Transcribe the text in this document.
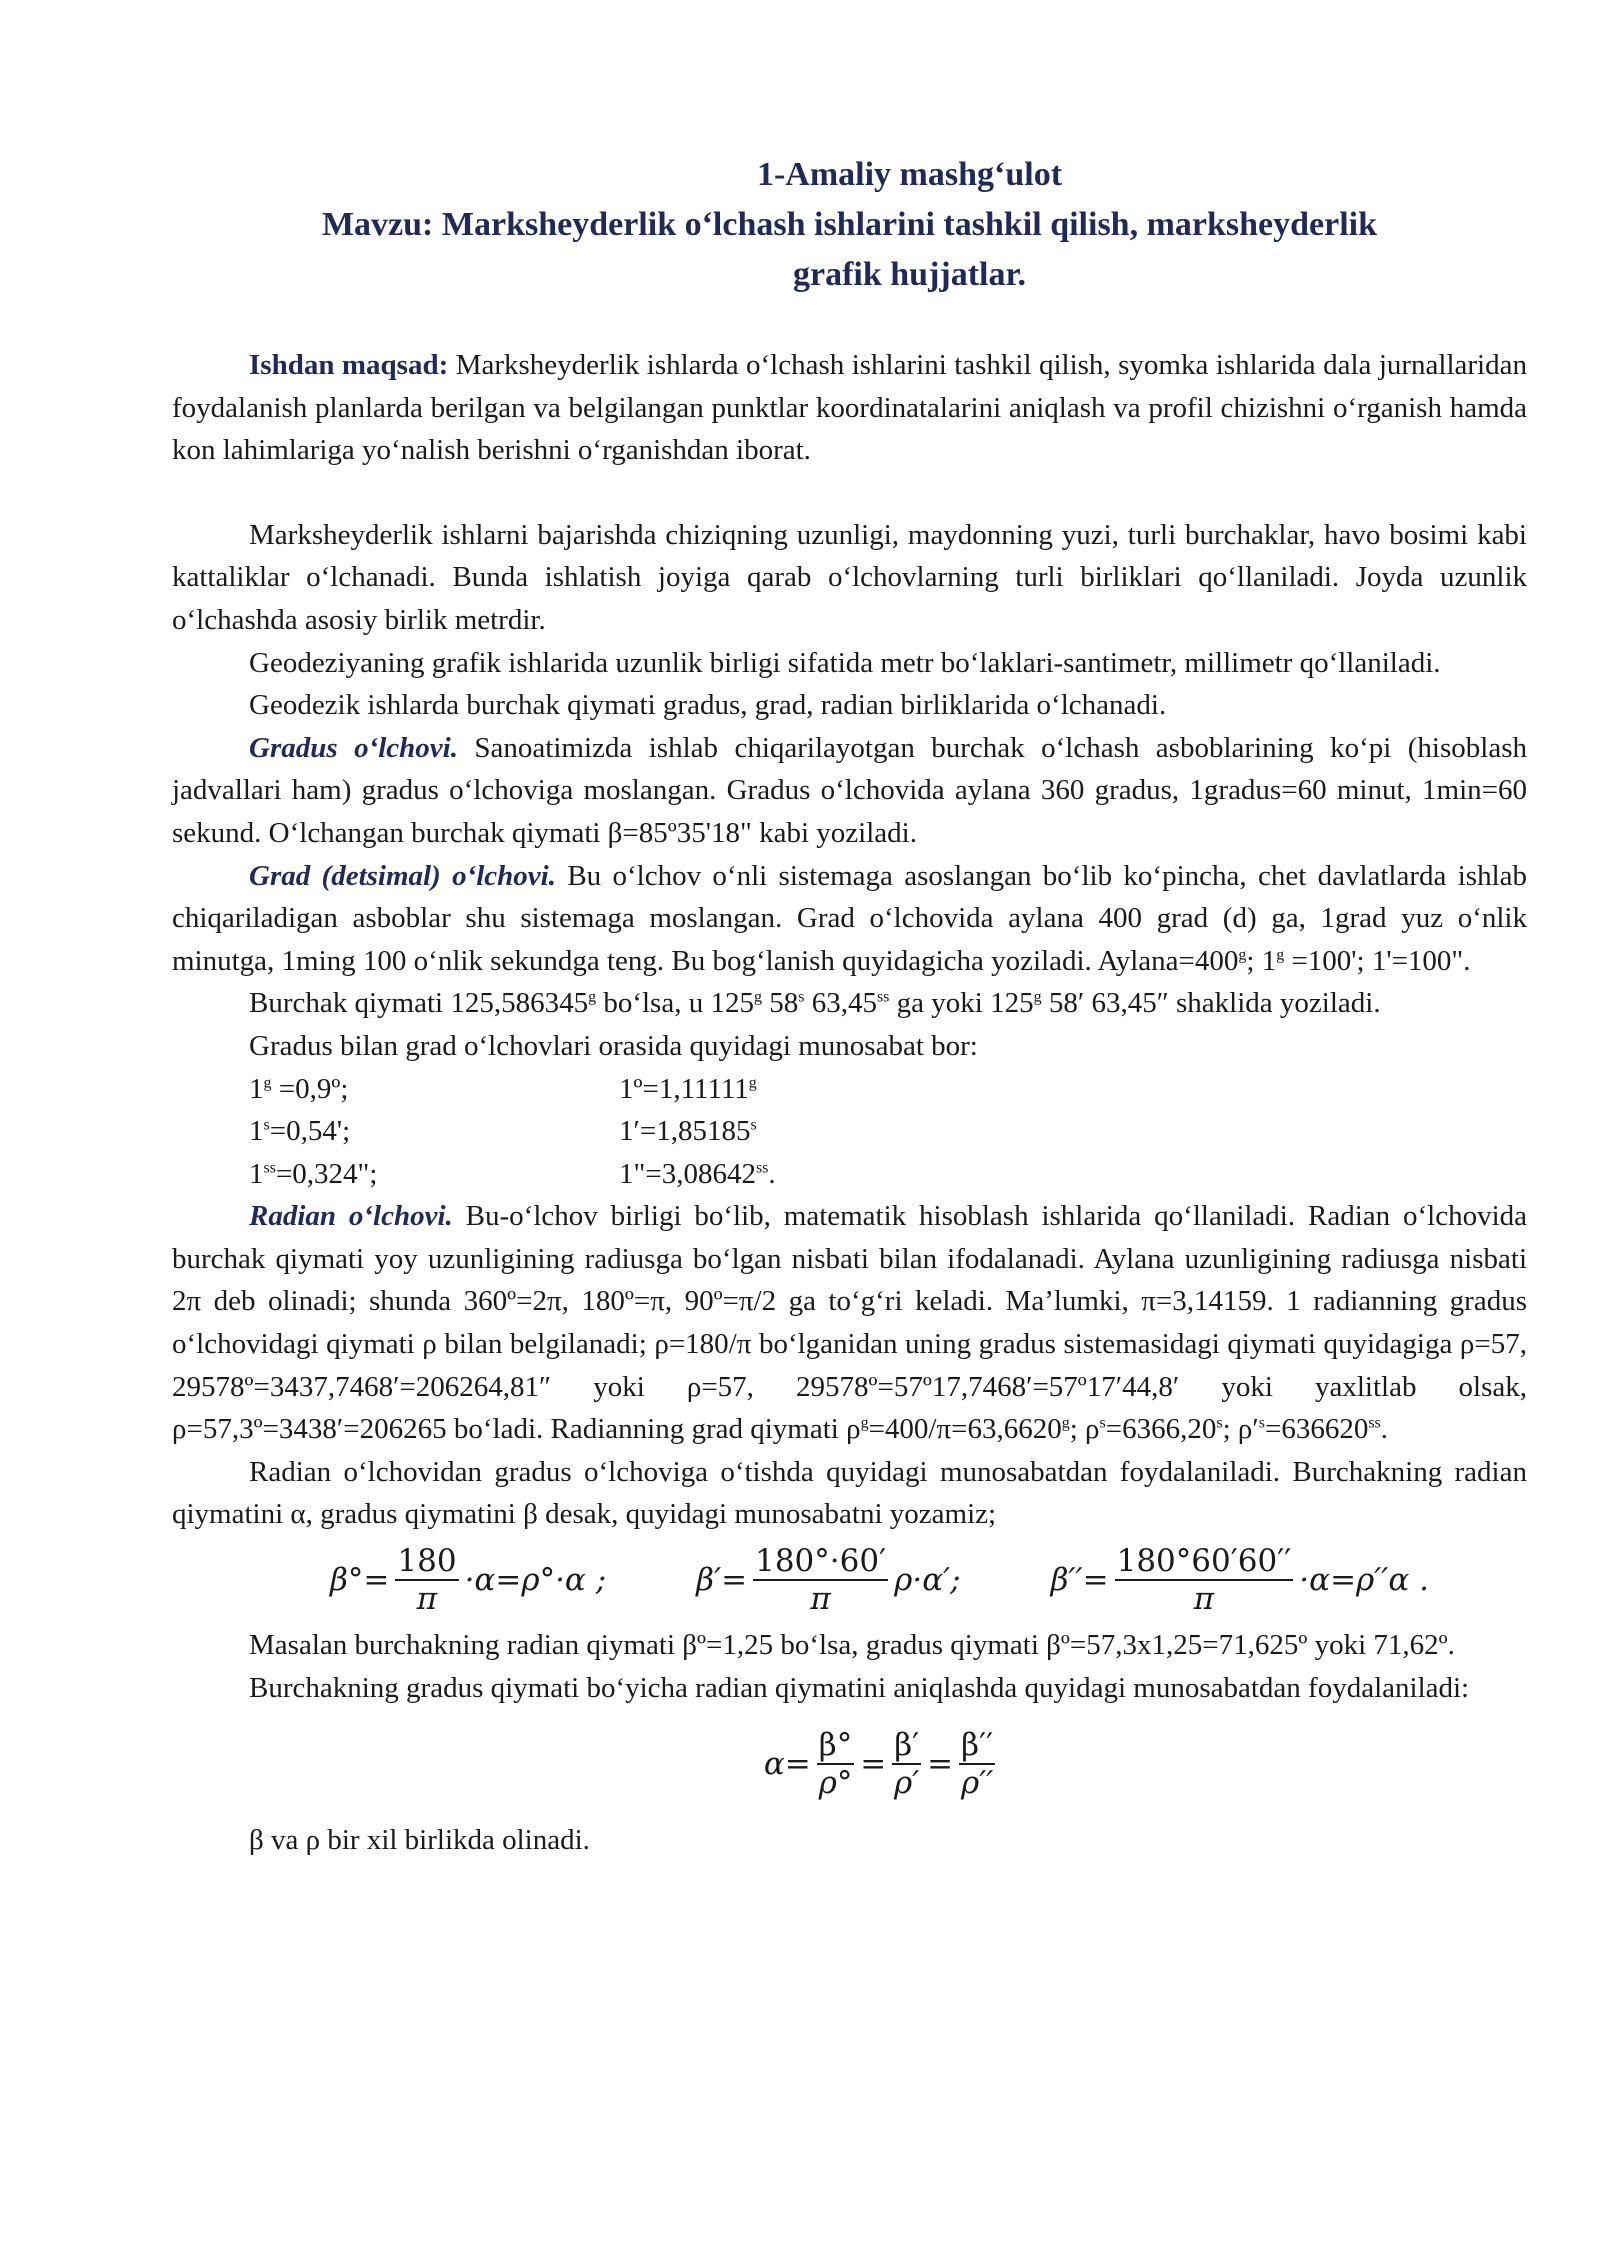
1-Amaliy mashg‘ulot
Mavzu: Marksheyderlik o‘lchash ishlarini tashkil qilish, marksheyderlik
grafik hujjatlar.

Ishdan maqsad: Marksheyderlik ishlarda o‘lchash ishlarini tashkil qilish, syomka ishlarida dala jurnallaridan foydalanish planlarda berilgan va belgilangan punktlar koordinatalarini aniqlash va profil chizishni o‘rganish hamda kon lahimlariga yo‘nalish berishni o‘rganishdan iborat.

Marksheyderlik ishlarni bajarishda chiziqning uzunligi, maydonning yuzi, turli burchaklar, havo bosimi kabi kattaliklar o‘lchanadi. Bunda ishlatish joyiga qarab o‘lchovlarning turli birliklari qo‘llaniladi. Joyda uzunlik o‘lchashda asosiy birlik metrdir.

Geodeziyaning grafik ishlarida uzunlik birligi sifatida metr bo‘laklari-santimetr, millimetr qo‘llaniladi.

Geodezik ishlarda burchak qiymati gradus, grad, radian birliklarida o‘lchanadi.

Gradus o‘lchovi. Sanoatimizda ishlab chiqarilayotgan burchak o‘lchash asboblarining ko‘pi (hisoblash jadvallari ham) gradus o‘lchoviga moslangan. Gradus o‘lchovida aylana 360 gradus, 1gradus=60 minut, 1min=60 sekund. O‘lchangan burchak qiymati β=85º35'18" kabi yoziladi.

Grad (detsimal) o‘lchovi. Bu o‘lchov o‘nli sistemaga asoslangan bo‘lib ko‘pincha, chet davlatlarda ishlab chiqariladigan asboblar shu sistemaga moslangan. Grad o‘lchovida aylana 400 grad (d) ga, 1grad yuz o‘nlik minutga, 1ming 100 o‘nlik sekundga teng. Bu bog‘lanish quyidagicha yoziladi. $Aylana=400^g$; $1^g =100'$; 1'=100".

Burchak qiymati 125,586345$^g$ bo‘lsa, u 125$^g$ 58$^s$ $63,45^{ss}$ ga yoki 125$^g$ 58′ 63,45″ shaklida yoziladi.

Gradus bilan grad o‘lchovlari orasida quyidagi munosabat bor:

$1^g$ =0,9º;	1º=1,11111$^g$
$1^s=0,54'$;	$1'=1,85185^s$
$1^{ss}=0,324$";	$1"=3,08642^{ss}$.

Radian o‘lchovi. Bu-o‘lchov birligi bo‘lib, matematik hisoblash ishlarida qo‘llaniladi. Radian o‘lchovida burchak qiymati yoy uzunligining radiusga bo‘lgan nisbati bilan ifodalanadi. Aylana uzunligining radiusga nisbati 2π deb olinadi; shunda 360º=2π, 180º=π, 90º=π/2 ga to‘g‘ri keladi. Ma’lumki, π=3,14159. 1 radianning gradus o‘lchovidagi qiymati ρ bilan belgilanadi; ρ=180/π bo‘lganidan uning gradus sistemasidagi qiymati quyidagiga ρ=57, 29578º=3437,7468′=206264,81″ yoki ρ=57, 29578º=57º17,7468′=57º17′44,8′ yoki yaxlitlab olsak, ρ=57,3º=3438′=206265 bo‘ladi. Radianning grad qiymati $\rho^g=400/\pi=63,6620^g$; $\rho^s=6366,20^s$; $\rho'^s=636620^{ss}$.

Radian o‘lchovidan gradus o‘lchoviga o‘tishda quyidagi munosabatdan foydalaniladi. Burchakning radian qiymatini α, gradus qiymatini β desak, quyidagi munosabatni yozamiz;

$\beta^\circ= \frac{180}{\pi} \cdot\alpha=\rho^\circ\cdot\alpha$ ;	$\beta'= \frac{180^\circ\cdot 60'}{\pi} \rho\cdot\alpha'$;	$\beta''= \frac{180^\circ 60'60''}{\pi} \cdot\alpha=\rho''\alpha$ .

Masalan burchakning radian qiymati βº=1,25 bo‘lsa, gradus qiymati βº=57,3x1,25=71,625º yoki 71,62º.

Burchakning gradus qiymati bo‘yicha radian qiymatini aniqlashda quyidagi munosabatdan foydalaniladi:

$\alpha= \frac{\beta^\circ}{\rho^\circ} = \frac{\beta'}{\rho'} = \frac{\beta''}{\rho''}$

β va ρ bir xil birlikda olinadi.
